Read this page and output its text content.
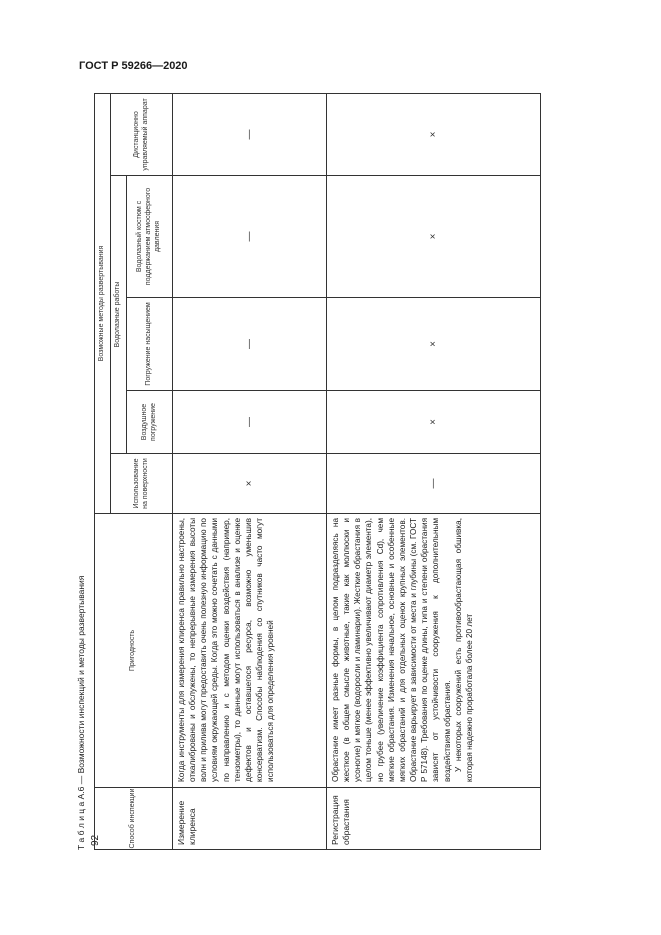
ГОСТ Р 59266—2020
92
Т а б л и ц а А.6 — Возможности инспекций и методы развертывания	Способ инспекции	Пригодность	Возможные методы развертывания				
		Использование на поверхности	Водолазные работы			Дистанционно управляемый аппарат
			Воздушное погружение	Погружение насыщением	Водолазный костюм с поддержанием атмосферного давления	
Измерение клиренса	Когда инструменты для измерения клиренса правильно настроены, откалиброваны и обслужены, то непрерывные измерения высоты волн и прилива могут предоставить очень полезную информацию по условиям окружающей среды. Когда это можно сочетать с данными по направлению и с методом оценки воздействия (например, тензометры), то данные могут использоваться в анализе и оценке дефектов и оставшегося ресурса, возможно уменьшив консерватизм. Способы наблюдения со спутников часто могут использоваться для определения уровней	×	—	—	—	—
Регистрация обрастания	Обрастание имеет разные формы, в целом подразделяясь на жесткое (в общем смысле животные, такие как моллюски и усоногие) и мягкое (водоросли и ламинарии). Жесткие обрастания в целом тоньше (менее эффективно увеличивают диаметр элемента), но грубее (увеличение коэффициента сопротивления Cd), чем мягкие обрастания. Изменения начальное, основные и особенные мягких обрастаний и для отдельных оценок крупных элементов. Обрастание варьирует в зависимости от места и глубины (см. ГОСТ Р 57148). Требования по оценке длины, типа и степени обрастания зависят от устойчивости сооружения к дополнительным воздействиям обрастания. У некоторых сооружений есть противообрастающая обшивка, которая надежно проработала более 20 лет	—	×	×	×	×
